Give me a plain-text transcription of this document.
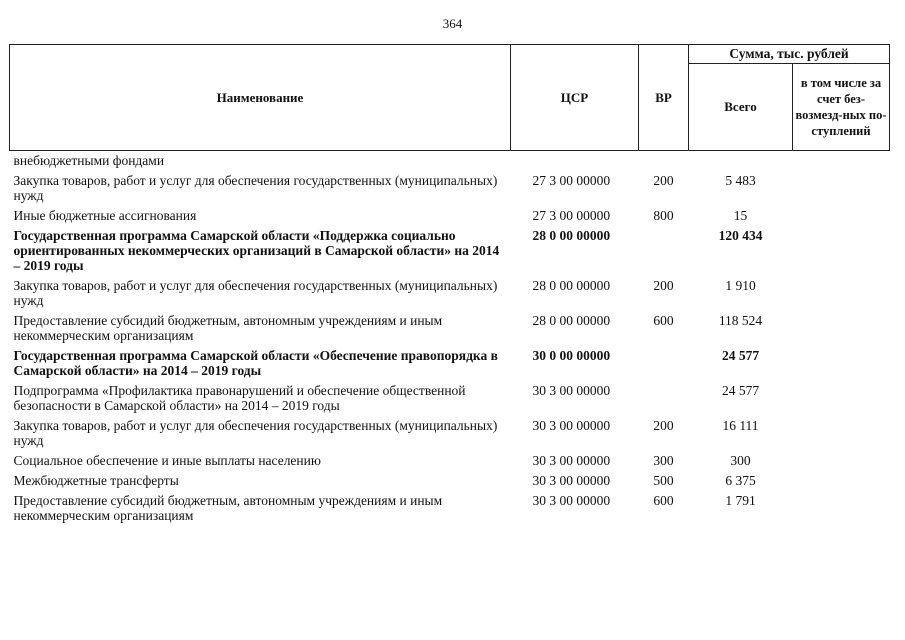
364
Наименование	ЦСР	ВР	Сумма, тыс. рублей	
			Всего	в том числе за счет без-возмезд-ных по-ступлений
внебюджетными фондами				
Закупка товаров, работ и услуг для обеспечения государственных (муниципальных) нужд	27 3 00 00000	200	5 483	
Иные бюджетные ассигнования	27 3 00 00000	800	15	
Государственная программа Самарской области «Поддержка социально ориентированных некоммерческих организаций в Самарской области» на 2014 – 2019 годы	28 0 00 00000		120 434	
Закупка товаров, работ и услуг для обеспечения государственных (муниципальных) нужд	28 0 00 00000	200	1 910	
Предоставление субсидий бюджетным, автономным учреждениям и иным некоммерческим организациям	28 0 00 00000	600	118 524	
Государственная программа Самарской области «Обеспечение правопорядка в Самарской области» на 2014 – 2019 годы	30 0 00 00000		24 577	
Подпрограмма «Профилактика правонарушений и обеспечение общественной безопасности в Самарской области» на 2014 – 2019 годы	30 3 00 00000		24 577	
Закупка товаров, работ и услуг для обеспечения государственных (муниципальных) нужд	30 3 00 00000	200	16 111	
Социальное обеспечение и иные выплаты населению	30 3 00 00000	300	300	
Межбюджетные трансферты	30 3 00 00000	500	6 375	
Предоставление субсидий бюджетным, автономным учреждениям и иным некоммерческим организациям	30 3 00 00000	600	1 791	
